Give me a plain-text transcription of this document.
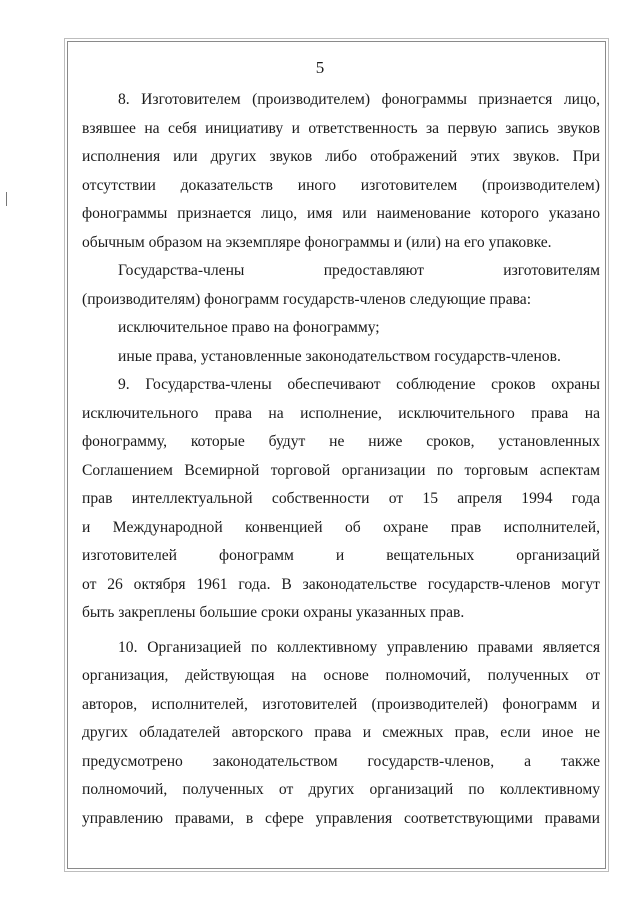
5
8. Изготовителем (производителем) фонограммы признается лицо,
взявшее на себя инициативу и ответственность за первую запись звуков
исполнения или других звуков либо отображений этих звуков. При
отсутствии доказательств иного изготовителем (производителем)
фонограммы признается лицо, имя или наименование которого указано
обычным образом на экземпляре фонограммы и (или) на его упаковке.
Государства-члены предоставляют изготовителям
(производителям) фонограмм государств-членов следующие права:
исключительное право на фонограмму;
иные права, установленные законодательством государств-членов.
9. Государства-члены обеспечивают соблюдение сроков охраны
исключительного права на исполнение, исключительного права на
фонограмму, которые будут не ниже сроков, установленных
Соглашением Всемирной торговой организации по торговым аспектам
прав интеллектуальной собственности от 15 апреля 1994 года
и Международной конвенцией об охране прав исполнителей,
изготовителей фонограмм и вещательных организаций
от 26 октября 1961 года. В законодательстве государств-членов могут
быть закреплены большие сроки охраны указанных прав.
10. Организацией по коллективному управлению правами является
организация, действующая на основе полномочий, полученных от
авторов, исполнителей, изготовителей (производителей) фонограмм и
других обладателей авторского права и смежных прав, если иное не
предусмотрено законодательством государств-членов, а также
полномочий, полученных от других организаций по коллективному
управлению правами, в сфере управления соответствующими правами
